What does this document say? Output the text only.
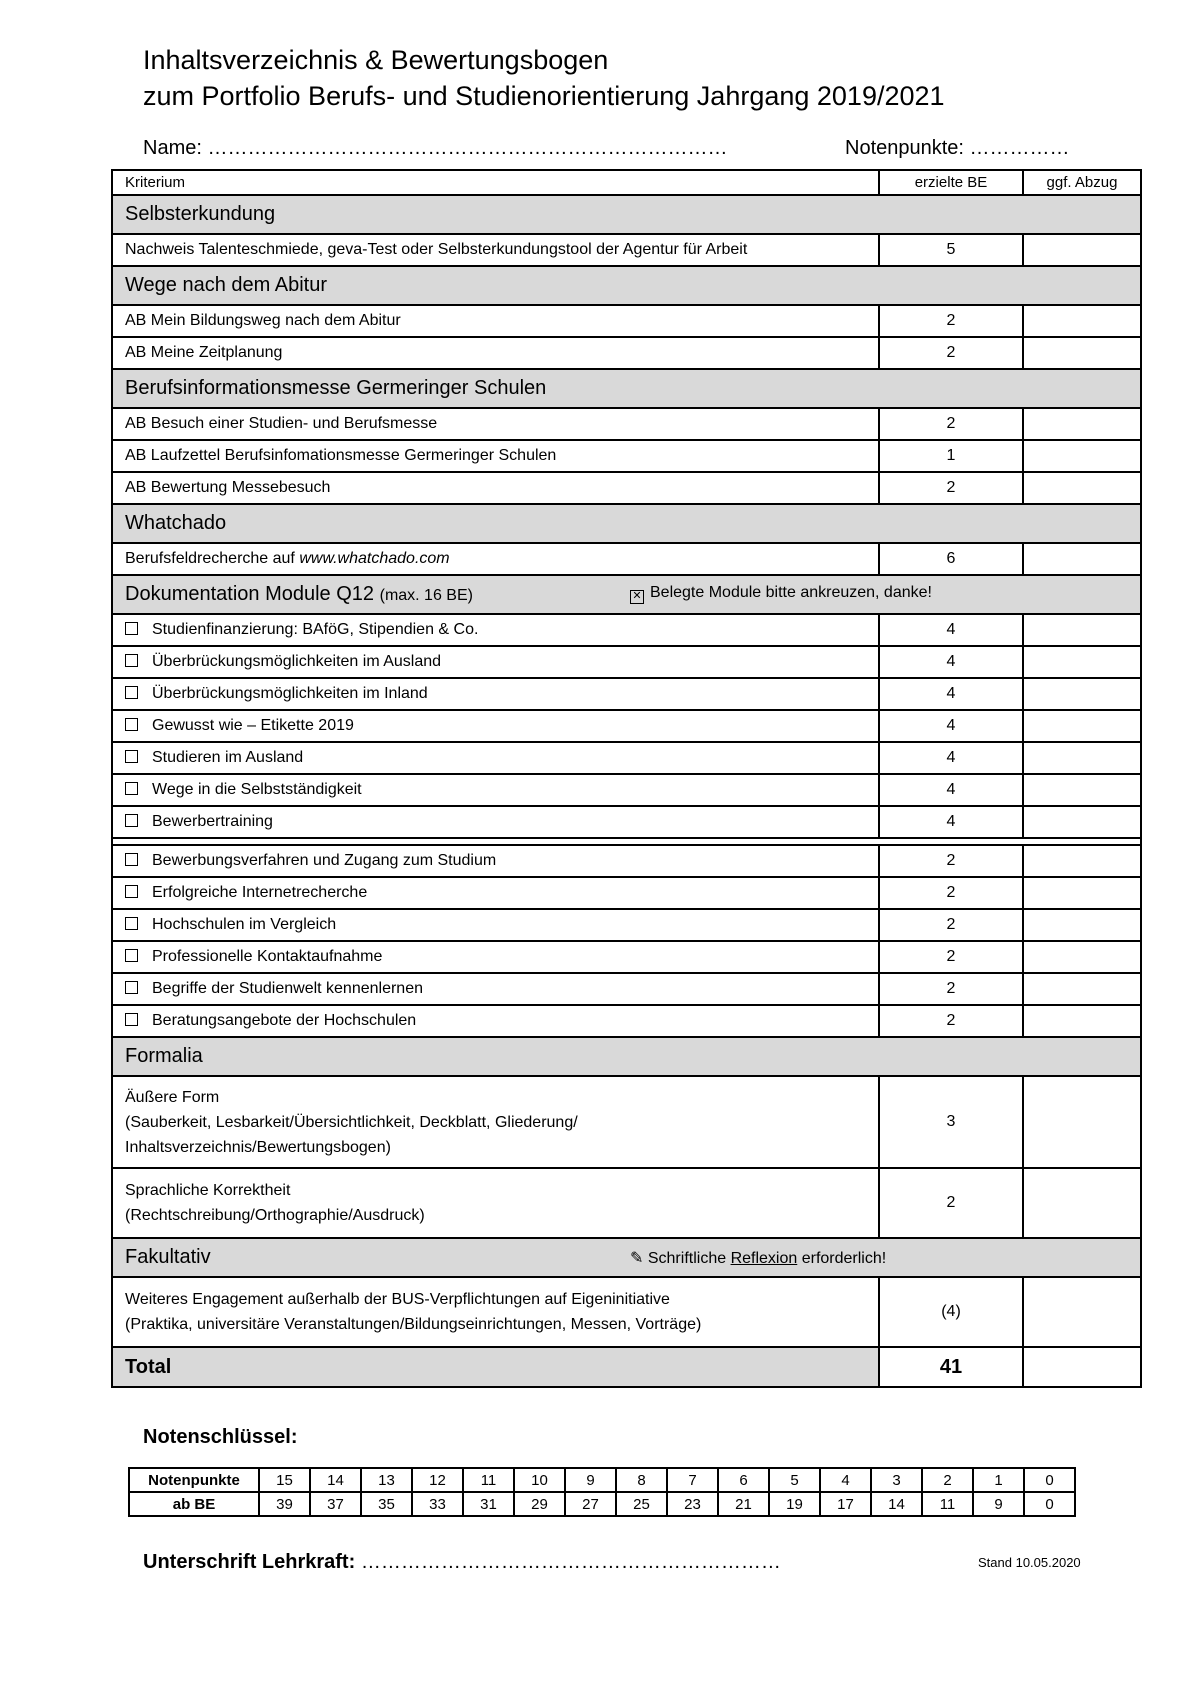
Inhaltsverzeichnis & Bewertungsbogen
zum Portfolio Berufs- und Studienorientierung Jahrgang 2019/2021
Name: ……………………………………………………………………	Notenpunkte: ……………
Kriterium	erzielte BE	ggf. Abzug
Selbsterkundung		
Nachweis Talenteschmiede, geva-Test oder Selbsterkundungstool der Agentur für Arbeit	5	
Wege nach dem Abitur		
AB Mein Bildungsweg nach dem Abitur	2	
AB Meine Zeitplanung	2	
Berufsinformationsmesse Germeringer Schulen		
AB Besuch einer Studien- und Berufsmesse	2	
AB Laufzettel Berufsinfomationsmesse Germeringer Schulen	1	
AB Bewertung Messebesuch	2	
Whatchado		
Berufsfeldrecherche auf www.whatchado.com	6	
Dokumentation Module Q12 (max. 16 BE) ✕ Belegte Module bitte ankreuzen, danke!		

Studienfinanzierung: BAföG, Stipendien & Co.	4	
Überbrückungsmöglichkeiten im Ausland	4	
Überbrückungsmöglichkeiten im Inland	4	
Gewusst wie – Etikette 2019	4	
Studieren im Ausland	4	
Wege in die Selbstständigkeit	4	
Bewerbertraining	4	

Bewerbungsverfahren und Zugang zum Studium	2	
Erfolgreiche Internetrecherche	2	
Hochschulen im Vergleich	2	
Professionelle Kontaktaufnahme	2	
Begriffe der Studienwelt kennenlernen	2	
Beratungsangebote der Hochschulen	2	
Formalia		

Äußere Form
(Sauberkeit, Lesbarkeit/Übersichtlichkeit, Deckblatt, Gliederung/
Inhaltsverzeichnis/Bewertungsbogen)	3	

Sprachliche Korrektheit
(Rechtschreibung/Orthographie/Ausdruck)	2	
Fakultativ ✎ Schriftliche Reflexion erforderlich!		

Weiteres Engagement außerhalb der BUS-Verpflichtungen auf Eigeninitiative
(Praktika, universitäre Veranstaltungen/Bildungseinrichtungen, Messen, Vorträge)	(4)	
Total	41	
Notenschlüssel:
Notenpunkte	15	14	13	12	11	10	9	8	7	6	5	4	3	2	1	0
ab BE	39	37	35	33	31	29	27	25	23	21	19	17	14	11	9	0
Unterschrift Lehrkraft: ………………………………………………………	Stand 10.05.2020
